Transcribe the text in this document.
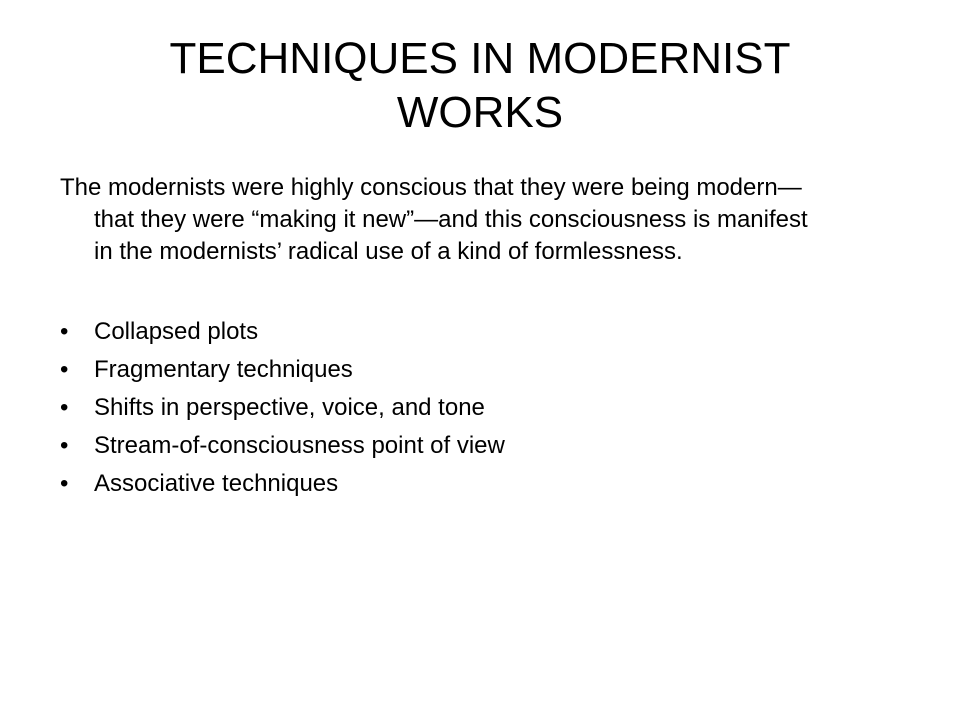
TECHNIQUES IN MODERNIST
WORKS

The modernists were highly conscious that they were being modern—
that they were “making it new”—and this consciousness is manifest
in the modernists’ radical use of a kind of formlessness.

• Collapsed plots
• Fragmentary techniques
• Shifts in perspective, voice, and tone
• Stream-of-consciousness point of view
• Associative techniques
